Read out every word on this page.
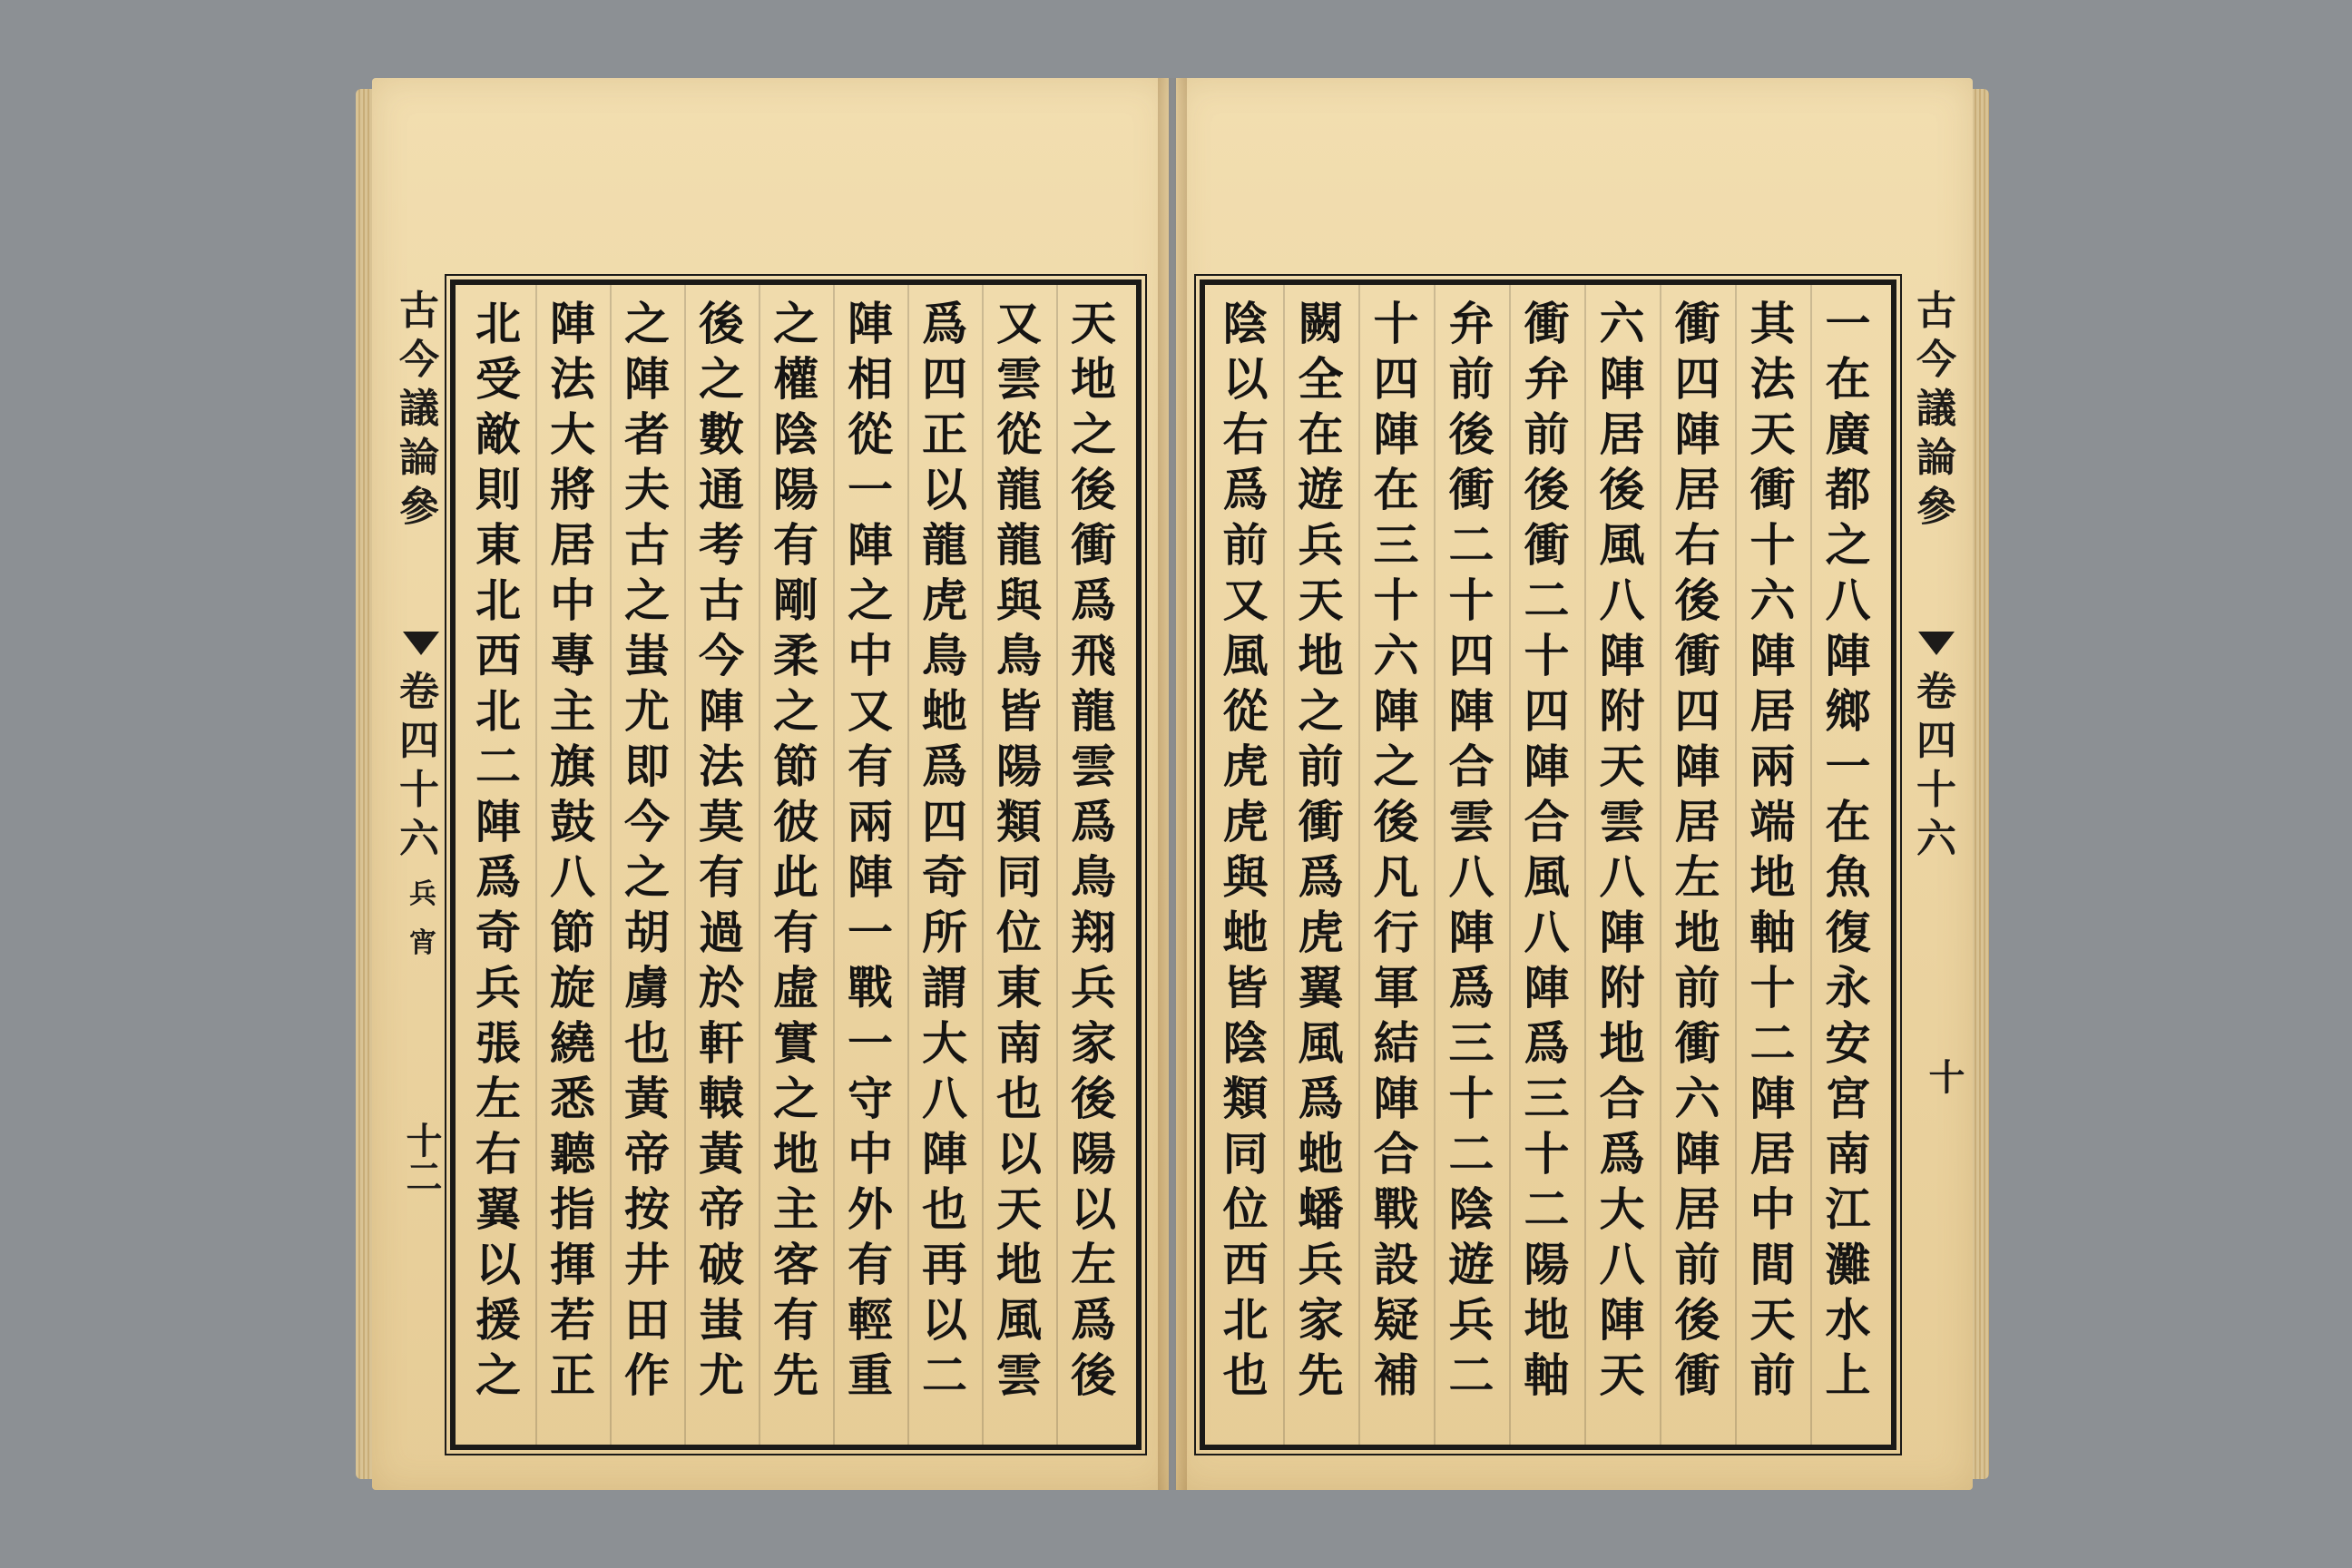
古
今
議
論
參
卷
四
十
六
兵
宵
十二
天
地
之
後
衝
爲
飛
龍
雲
爲
鳥
翔
兵
家
後
陽
以
左
爲
後
又
雲
從
龍
龍
與
鳥
皆
陽
類
同
位
東
南
也
以
天
地
風
雲
爲
四
正
以
龍
虎
鳥
虵
爲
四
奇
所
謂
大
八
陣
也
再
以
二
陣
相
從
一
陣
之
中
又
有
兩
陣
一
戰
一
守
中
外
有
輕
重
之
權
陰
陽
有
剛
柔
之
節
彼
此
有
虛
實
之
地
主
客
有
先
後
之
數
通
考
古
今
陣
法
莫
有
過
於
軒
轅
黃
帝
破
蚩
尤
之
陣
者
夫
古
之
蚩
尤
即
今
之
胡
虜
也
黃
帝
按
井
田
作
陣
法
大
將
居
中
專
主
旗
鼓
八
節
旋
繞
悉
聽
指
揮
若
正
北
受
敵
則
東
北
西
北
二
陣
爲
奇
兵
張
左
右
翼
以
援
之
一
在
廣
都
之
八
陣
鄉
一
在
魚
復
永
安
宮
南
江
灘
水
上
其
法
天
衝
十
六
陣
居
兩
端
地
軸
十
二
陣
居
中
間
天
前
衝
四
陣
居
右
後
衝
四
陣
居
左
地
前
衝
六
陣
居
前
後
衝
六
陣
居
後
風
八
陣
附
天
雲
八
陣
附
地
合
爲
大
八
陣
天
衝
弁
前
後
衝
二
十
四
陣
合
風
八
陣
爲
三
十
二
陽
地
軸
弁
前
後
衝
二
十
四
陣
合
雲
八
陣
爲
三
十
二
陰
遊
兵
二
十
四
陣
在
三
十
六
陣
之
後
凡
行
軍
結
陣
合
戰
設
疑
補
闕
全
在
遊
兵
天
地
之
前
衝
爲
虎
翼
風
爲
虵
蟠
兵
家
先
陰
以
右
爲
前
又
風
從
虎
虎
與
虵
皆
陰
類
同
位
西
北
也
古
今
議
論
參
卷
四
十
六
十
